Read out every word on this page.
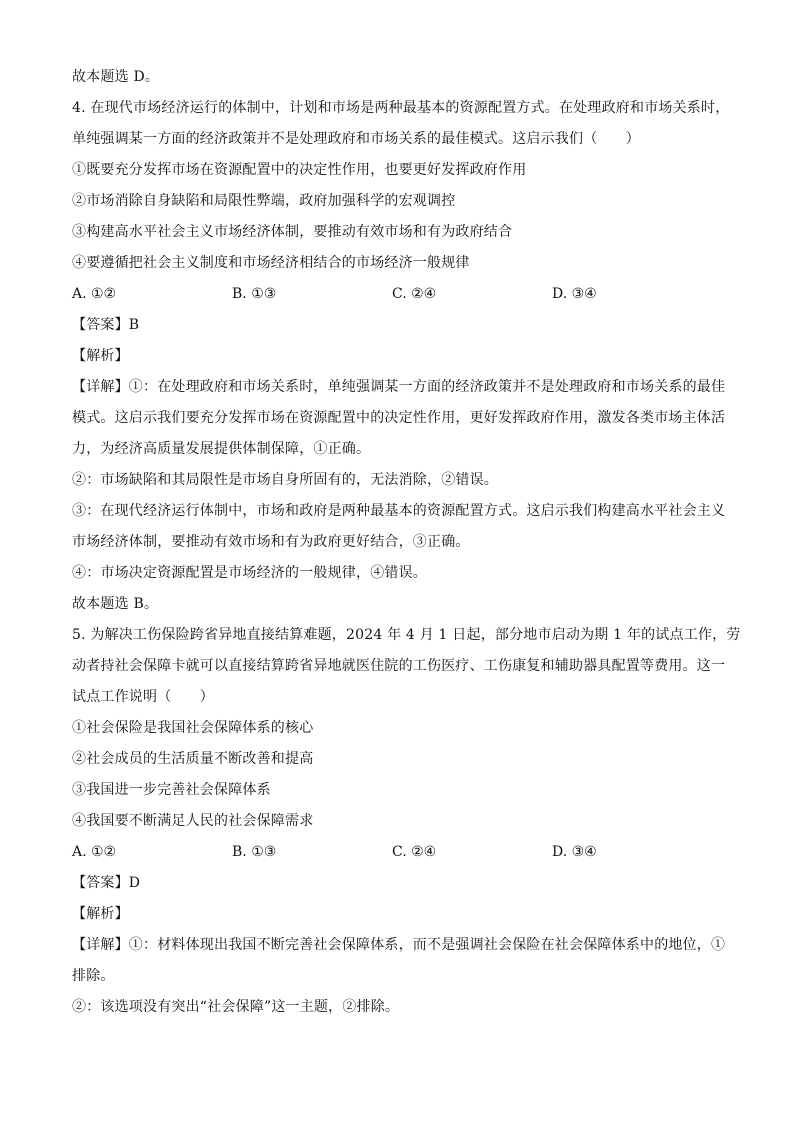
故本题选 D。
4. 在现代市场经济运行的体制中，计划和市场是两种最基本的资源配置方式。在处理政府和市场关系时，
单纯强调某一方面的经济政策并不是处理政府和市场关系的最佳模式。这启示我们（　　）
①既要充分发挥市场在资源配置中的决定性作用，也要更好发挥政府作用
②市场消除自身缺陷和局限性弊端，政府加强科学的宏观调控
③构建高水平社会主义市场经济体制，要推动有效市场和有为政府结合
④要遵循把社会主义制度和市场经济相结合的市场经济一般规律
A. ①②	B. ①③	C. ②④	D. ③④
【答案】B
【解析】
【详解】①：在处理政府和市场关系时，单纯强调某一方面的经济政策并不是处理政府和市场关系的最佳
模式。这启示我们要充分发挥市场在资源配置中的决定性作用，更好发挥政府作用，激发各类市场主体活
力，为经济高质量发展提供体制保障，①正确。
②：市场缺陷和其局限性是市场自身所固有的，无法消除，②错误。
③：在现代经济运行体制中，市场和政府是两种最基本的资源配置方式。这启示我们构建高水平社会主义
市场经济体制，要推动有效市场和有为政府更好结合，③正确。
④：市场决定资源配置是市场经济的一般规律，④错误。
故本题选 B。
5. 为解决工伤保险跨省异地直接结算难题，2024 年 4 月 1 日起，部分地市启动为期 1 年的试点工作，劳
动者持社会保障卡就可以直接结算跨省异地就医住院的工伤医疗、工伤康复和辅助器具配置等费用。这一
试点工作说明（　　）
①社会保险是我国社会保障体系的核心
②社会成员的生活质量不断改善和提高
③我国进一步完善社会保障体系
④我国要不断满足人民的社会保障需求
A. ①②	B. ①③	C. ②④	D. ③④
【答案】D
【解析】
【详解】①：材料体现出我国不断完善社会保障体系，而不是强调社会保险在社会保障体系中的地位，①
排除。
②：该选项没有突出“社会保障”这一主题，②排除。
